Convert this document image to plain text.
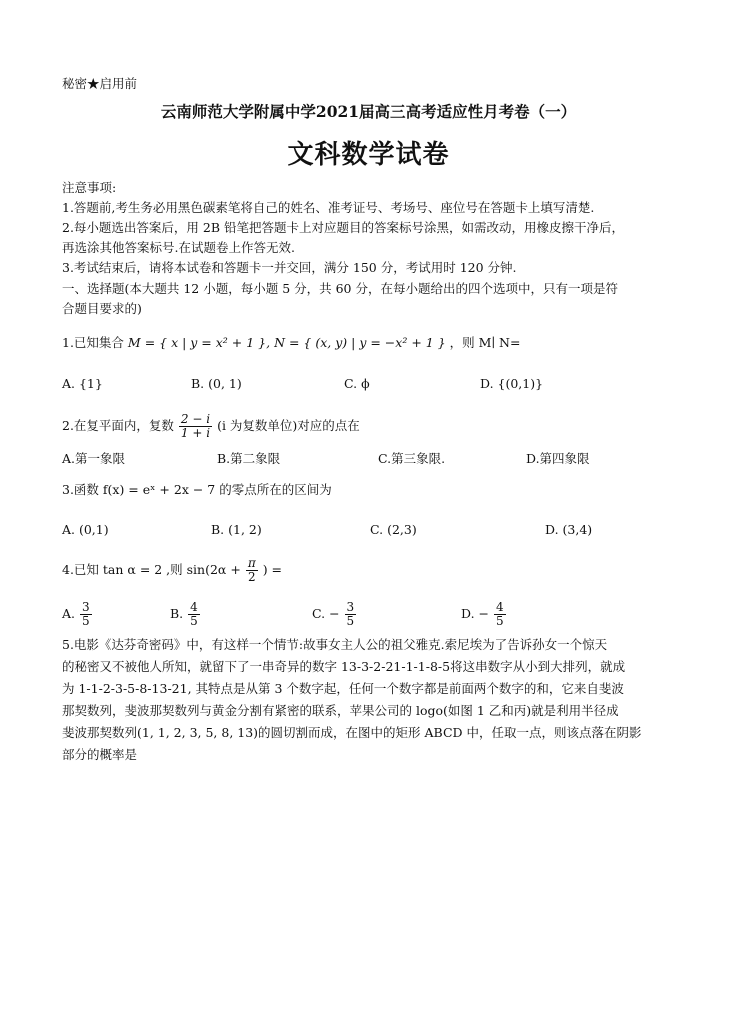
秘密★启用前
云南师范大学附属中学2021届高三高考适应性月考卷（一）
文科数学试卷
注意事项:
1.答题前,考生务必用黑色碳素笔将自己的姓名、准考证号、考场号、座位号在答题卡上填写清楚.
2.每小题选出答案后，用 2B 铅笔把答题卡上对应题目的答案标号涂黑，如需改动，用橡皮擦干净后，
再选涂其他答案标号.在试题卷上作答无效.
3.考试结束后，请将本试卷和答题卡一并交回，满分 150 分，考试用时 120 分钟.
一、选择题(本大题共 12 小题，每小题 5 分，共 60 分，在每小题给出的四个选项中，只有一项是符
合题目要求的)
1.已知集合 M = { x | y = x² + 1 }, N = { (x, y) | y = −x² + 1 } ，则 M∣ N=
A. {1}	B. (0, 1)	C. ϕ	D. {(0,1)}
2.在复平面内，复数 $\frac{2 - i}{1 + i} (i$ 为复数单位)对应的点在
A.第一象限	B.第二象限	C.第三象限.	D.第四象限
3.函数 f(x) = eˣ + 2x − 7 的零点所在的区间为
A. (0,1)	B. (1, 2)	C. (2,3)	D. (3,4)
4.已知 tan α = 2 ,则 $\sin(2\alpha + \frac{\pi}{2}$ ) =
A. $\frac{3}{5}$	B. $\frac{4}{5}$	C. − $\frac{3}{5}$	D. − $\frac{4}{5}$
5.电影《达芬奇密码》中，有这样一个情节:故事女主人公的祖父雅克.索尼埃为了告诉孙女一个惊天
的秘密又不被他人所知，就留下了一串奇异的数字 13-3-2-21-1-1-8-5将这串数字从小到大排列，就成
为 1-1-2-3-5-8-13-21, 其特点是从第 3 个数字起，任何一个数字都是前面两个数字的和，它来自斐波
那契数列，斐波那契数列与黄金分割有紧密的联系，苹果公司的 logo(如图 1 乙和丙)就是利用半径成
斐波那契数列(1, 1, 2, 3, 5, 8, 13)的圆切割而成，在图中的矩形 ABCD 中，任取一点，则该点落在阴影
部分的概率是
